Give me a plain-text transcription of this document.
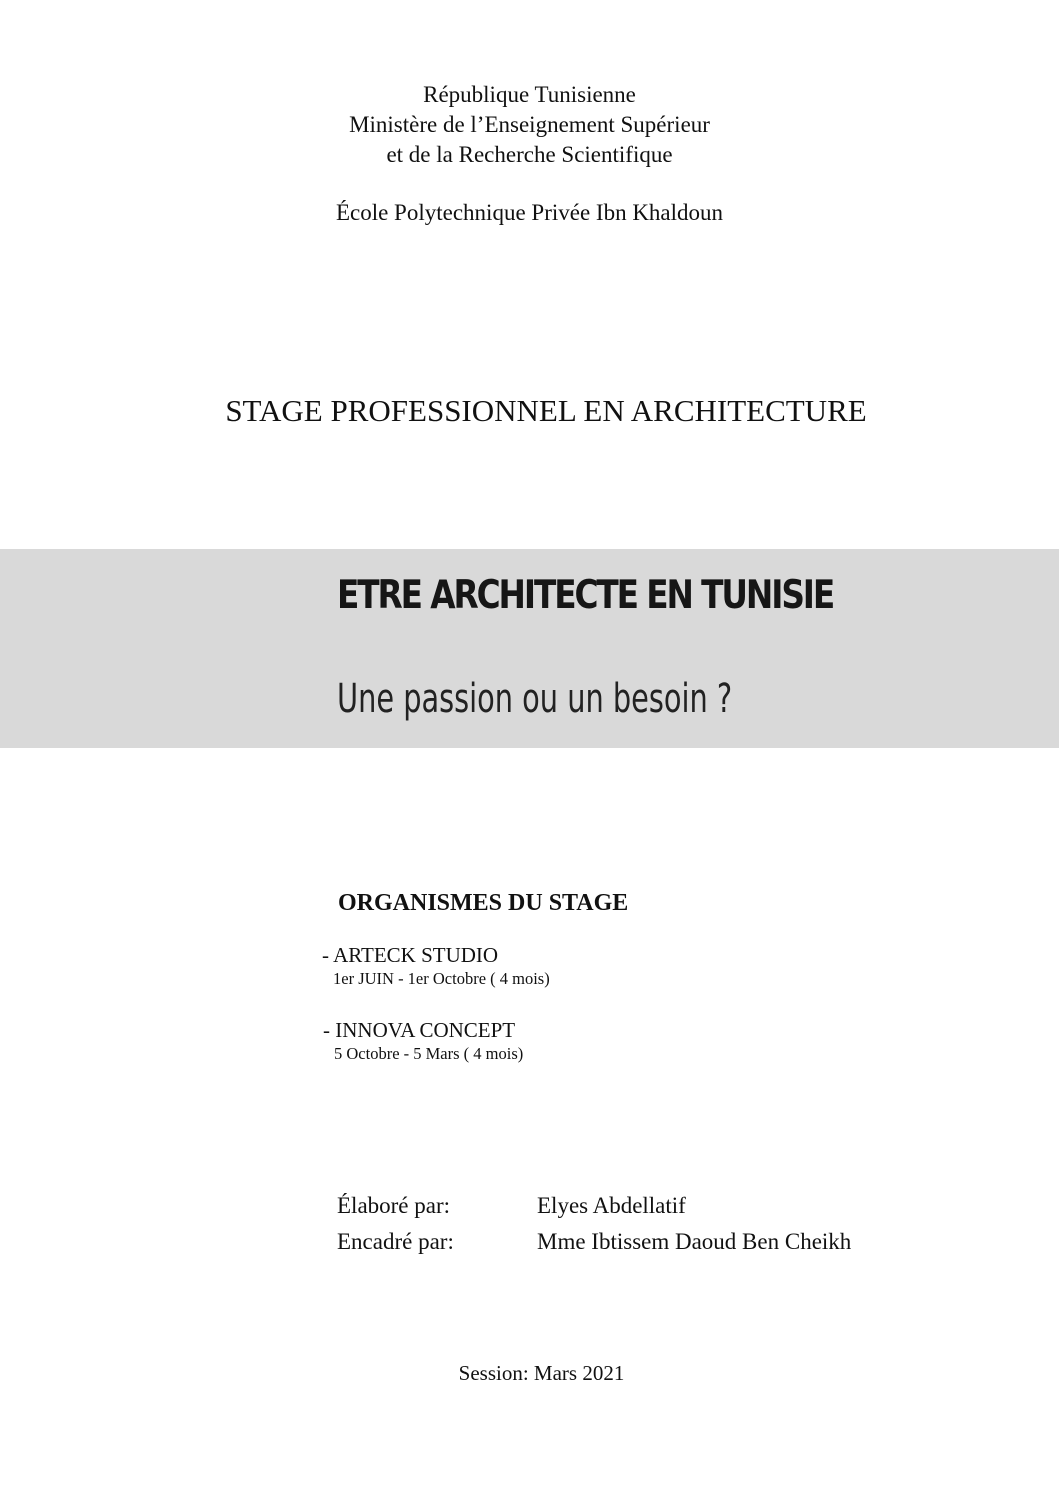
République Tunisienne
Ministère de l’Enseignement Supérieur
et de la Recherche Scientifique
École Polytechnique Privée Ibn Khaldoun
STAGE PROFESSIONNEL EN ARCHITECTURE
ETRE ARCHITECTE EN TUNISIE
Une passion ou un besoin ?
ORGANISMES DU STAGE
- ARTECK STUDIO
1er JUIN - 1er Octobre ( 4 mois)
- INNOVA CONCEPT
5 Octobre - 5 Mars ( 4 mois)
Élaboré par:	Elyes Abdellatif
Encadré par:	Mme Ibtissem Daoud Ben Cheikh
Session: Mars 2021
